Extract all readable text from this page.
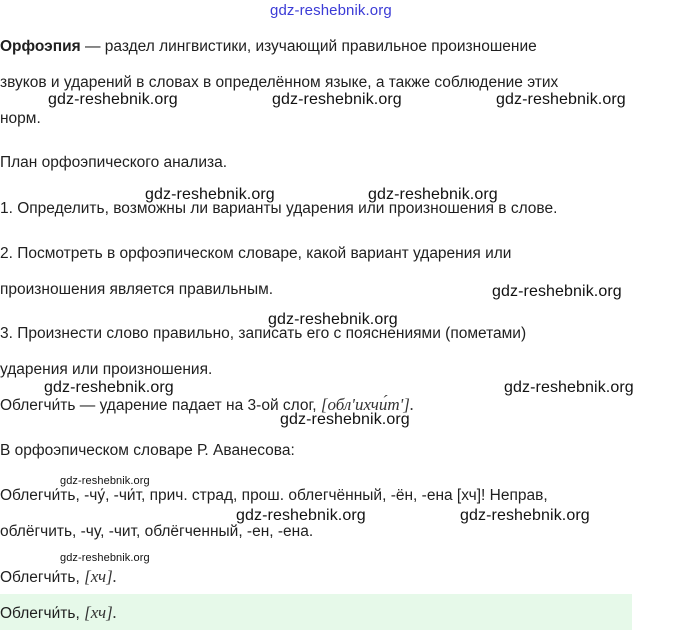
gdz-reshebnik.org
Орфоэпия — раздел лингвистики, изучающий правильное произношение
звуков и ударений в словах в определённом языке, а также соблюдение этих
норм.
gdz-reshebnik.org	gdz-reshebnik.org	gdz-reshebnik.org
План орфоэпического анализа.
gdz-reshebnik.org	gdz-reshebnik.org
1. Определить, возможны ли варианты ударения или произношения в слове.
2. Посмотреть в орфоэпическом словаре, какой вариант ударения или
произношения является правильным.	gdz-reshebnik.org
gdz-reshebnik.org
3. Произнести слово правильно, записать его с пояснениями (пометами)
ударения или произношения.
gdz-reshebnik.org	gdz-reshebnik.org
Облегчи́ть — ударение падает на 3-ой слог, [обл'ихчи́т'].
gdz-reshebnik.org
В орфоэпическом словаре Р. Аванесова:
gdz-reshebnik.org
Облегчи́ть, -чу́, -чи́т, прич. страд, прош. облегчённый, -ён, -ена [хч]! Неправ,
gdz-reshebnik.org	gdz-reshebnik.org
облёгчить, -чу, -чит, облёгченный, -ен, -ена.
gdz-reshebnik.org
Облегчи́ть, [хч].
Облегчи́ть, [хч].
